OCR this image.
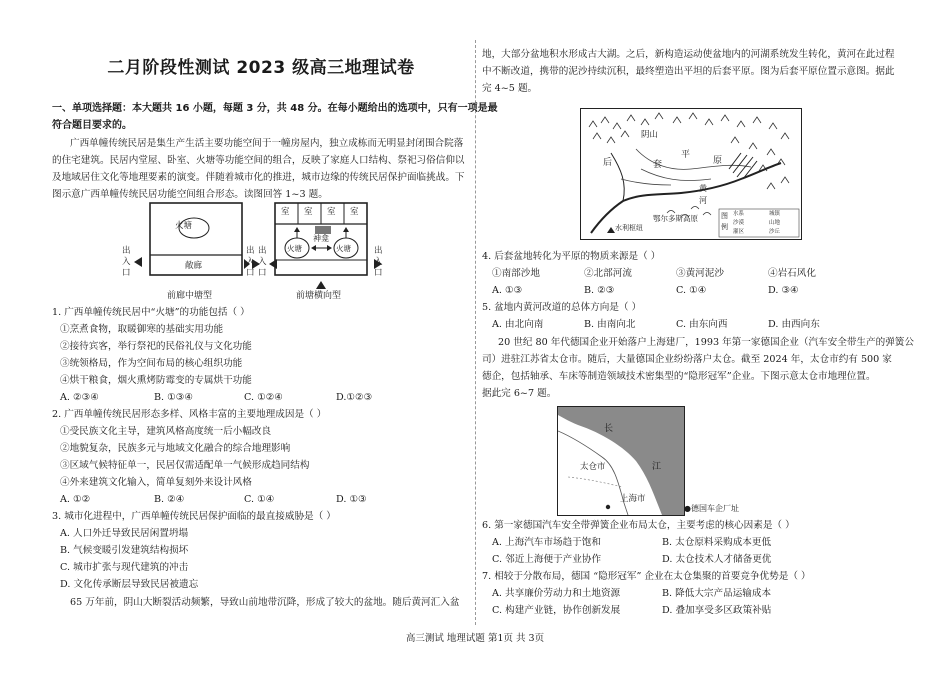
二月阶段性测试 2023 级高三地理试卷
一、单项选择题：本大题共 16 小题，每题 3 分，共 48 分。在每小题给出的选项中，只有一项是最
符合题目要求的。
广西单幢传统民居是集生产生活主要功能空间于一幢房屋内，独立成栋而无明显封闭围合院落
的住宅建筑。民居内堂屋、卧室、火塘等功能空间的组合，反映了家庭人口结构、祭祀习俗信仰以
及地域居住文化等地理要素的演变。伴随着城市化的推进，城市边缘的传统民居保护面临挑战。下
图示意广西单幢传统民居功能空间组合形态。读图回答 1~3 题。
火塘
敞廊
出入口
出入口
出入口
出入口
室 室 室 室
神龛
火塘	火塘
前廊中塘型	前塘横向型
1. 广西单幢传统民居中“火塘”的功能包括（ ）
①烹煮食物，取暖御寒的基础实用功能
②接待宾客，举行祭祀的民俗礼仪与文化功能
③统领格局，作为空间布局的核心组织功能
④烘干粮食，烟火熏烤防霉变的专属烘干功能
A. ②③④	B. ①③④	C. ①②④	D.①②③
2. 广西单幢传统民居形态多样、风格丰富的主要地理成因是（ ）
①受民族文化主导，建筑风格高度统一后小幅改良
②地貌复杂，民族多元与地域文化融合的综合地理影响
③区域气候特征单一，民居仅需适配单一气候形成趋同结构
④外来建筑文化输入，简单复刻外来设计风格
A. ①②	B. ②④	C. ①④	D. ①③
3. 城市化进程中，广西单幢传统民居保护面临的最直接威胁是（ ）
A. 人口外迁导致民居闲置坍塌
B. 气候变暖引发建筑结构损坏
C. 城市扩张与现代建筑的冲击
D. 文化传承断层导致民居被遗忘
65 万年前，阴山大断裂活动频繁，导致山前地带沉降，形成了较大的盆地。随后黄河汇入盆
地，大部分盆地积水形成古大湖。之后，新构造运动使盆地内的河湖系统发生转化，黄河在此过程
中不断改道，携带的泥沙持续沉积，最终塑造出平坦的后套平原。图为后套平原位置示意图。据此
完 4~5 题。
阴山
后	套
平
原
黄河
鄂尔多斯高原
水利枢纽
图例
水系	城镇
沙漠	山地
灌区	沙丘
4. 后套盆地转化为平原的物质来源是（ ）
①南部沙地	②北部河流	③黄河泥沙	④岩石风化
A. ①③	B. ②③	C. ①④	D. ③④
5. 盆地内黄河改道的总体方向是（ ）
A. 由北向南	B. 由南向北	C. 由东向西	D. 由西向东
20 世纪 80 年代德国企业开始落户上海建厂，1993 年第一家德国企业（汽车安全带生产的弹簧公
司）进驻江苏省太仓市。随后，大量德国企业纷纷落户太仓。截至 2024 年，太仓市约有 500 家
德企，包括轴承、车床等制造领域技术密集型的“隐形冠军”企业。下图示意太仓市地理位置。
据此完 6~7 题。
长
江
太仓市
上海市
●德国车企厂址
6. 第一家德国汽车安全带弹簧企业布局太仓，主要考虑的核心因素是（ ）
A. 上海汽车市场趋于饱和	B. 太仓原料采购成本更低
C. 邻近上海便于产业协作	D. 太仓技术人才储备更优
7. 相较于分散布局，德国 “隐形冠军” 企业在太仓集聚的首要竞争优势是（ ）
A. 共享廉价劳动力和土地资源	B. 降低大宗产品运输成本
C. 构建产业链，协作创新发展	D. 叠加享受多区政策补贴
高三测试 地理试题 第1页 共 3页
